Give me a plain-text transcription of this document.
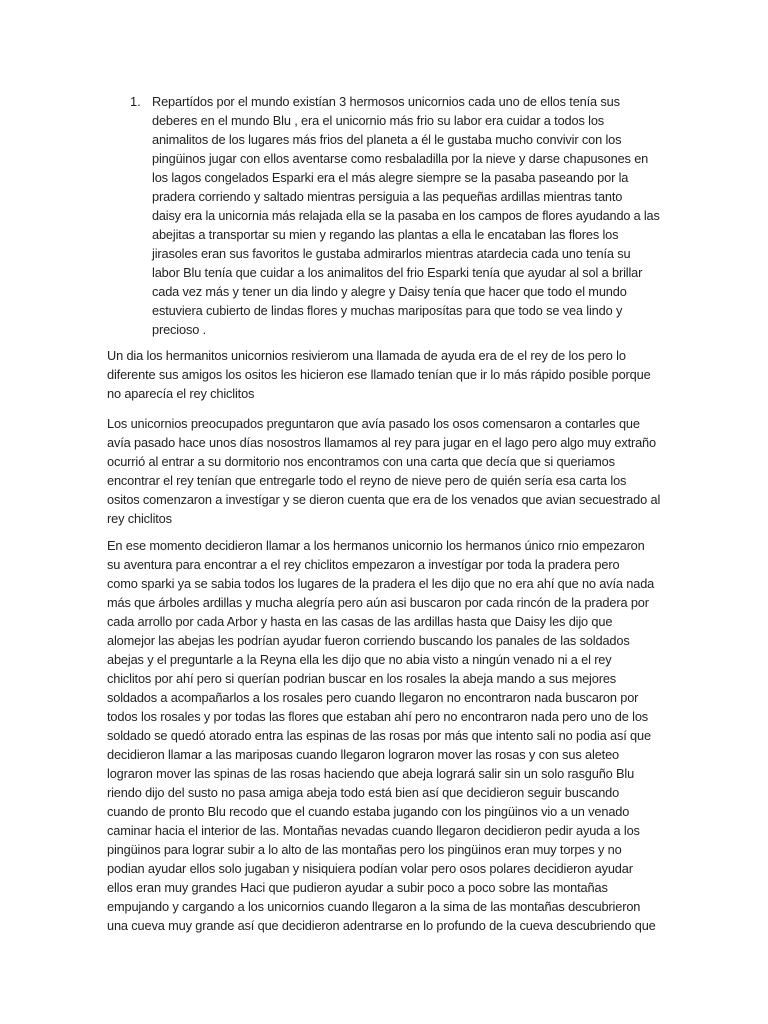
1. Repartídos por el mundo existían 3 hermosos unicornios cada uno de ellos tenía sus
deberes en el mundo Blu , era el unicornio más frio su labor era cuidar a todos los
animalitos de los lugares más frios del planeta a él le gustaba mucho convivir con los
pingüinos jugar con ellos aventarse como resbaladilla por la nieve y darse chapusones en
los lagos congelados Esparki era el más alegre siempre se la pasaba paseando por la
pradera corriendo y saltado mientras persiguia a las pequeñas ardillas mientras tanto
daisy era la unicornia más relajada ella se la pasaba en los campos de flores ayudando a las
abejitas a transportar su mien y regando las plantas a ella le encataban las flores los
jirasoles eran sus favoritos le gustaba admirarlos mientras atardecia cada uno tenía su
labor Blu tenía que cuidar a los animalitos del frio Esparki tenía que ayudar al sol a brillar
cada vez más y tener un dia lindo y alegre y Daisy tenía que hacer que todo el mundo
estuviera cubierto de lindas flores y muchas mariposítas para que todo se vea lindo y
precioso .
Un dia los hermanitos unicornios resivierom una llamada de ayuda era de el rey de los pero lo
diferente sus amigos los ositos les hicieron ese llamado tenían que ir lo más rápido posible porque
no aparecía el rey chiclitos
Los unicornios preocupados preguntaron que avía pasado los osos comensaron a contarles que
avía pasado hace unos días nosostros llamamos al rey para jugar en el lago pero algo muy extraño
ocurrió al entrar a su dormitorio nos encontramos con una carta que decía que si queriamos
encontrar el rey tenían que entregarle todo el reyno de nieve pero de quién sería esa carta los
ositos comenzaron a investígar y se dieron cuenta que era de los venados que avian secuestrado al
rey chiclitos
En ese momento decidieron llamar a los hermanos unicornio los hermanos único rnio empezaron
su aventura para encontrar a el rey chiclitos empezaron a investígar por toda la pradera pero
como sparki ya se sabia todos los lugares de la pradera el les dijo que no era ahí que no avía nada
más que árboles ardillas y mucha alegría pero aún asi buscaron por cada rincón de la pradera por
cada arrollo por cada Arbor y hasta en las casas de las ardillas hasta que Daisy les dijo que
alomejor las abejas les podrían ayudar fueron corriendo buscando los panales de las soldados
abejas y el preguntarle a la Reyna ella les dijo que no abia visto a ningún venado ni a el rey
chiclitos por ahí pero si querían podrian buscar en los rosales la abeja mando a sus mejores
soldados a acompañarlos a los rosales pero cuando llegaron no encontraron nada buscaron por
todos los rosales y por todas las flores que estaban ahí pero no encontraron nada pero uno de los
soldado se quedó atorado entra las espinas de las rosas por más que intento sali no podia así que
decidieron llamar a las mariposas cuando llegaron lograron mover las rosas y con sus aleteo
lograron mover las spinas de las rosas haciendo que abeja logrará salir sin un solo rasguño Blu
riendo dijo del susto no pasa amiga abeja todo está bien así que decidieron seguir buscando
cuando de pronto Blu recodo que el cuando estaba jugando con los pingüinos vio a un venado
caminar hacia el interior de las. Montañas nevadas cuando llegaron decidieron pedir ayuda a los
pingüinos para lograr subir a lo alto de las montañas pero los pingüinos eran muy torpes y no
podian ayudar ellos solo jugaban y nisiquiera podían volar pero osos polares decidieron ayudar
ellos eran muy grandes Haci que pudieron ayudar a subir poco a poco sobre las montañas
empujando y cargando a los unicornios cuando llegaron a la sima de las montañas descubrieron
una cueva muy grande así que decidieron adentrarse en lo profundo de la cueva descubriendo que
